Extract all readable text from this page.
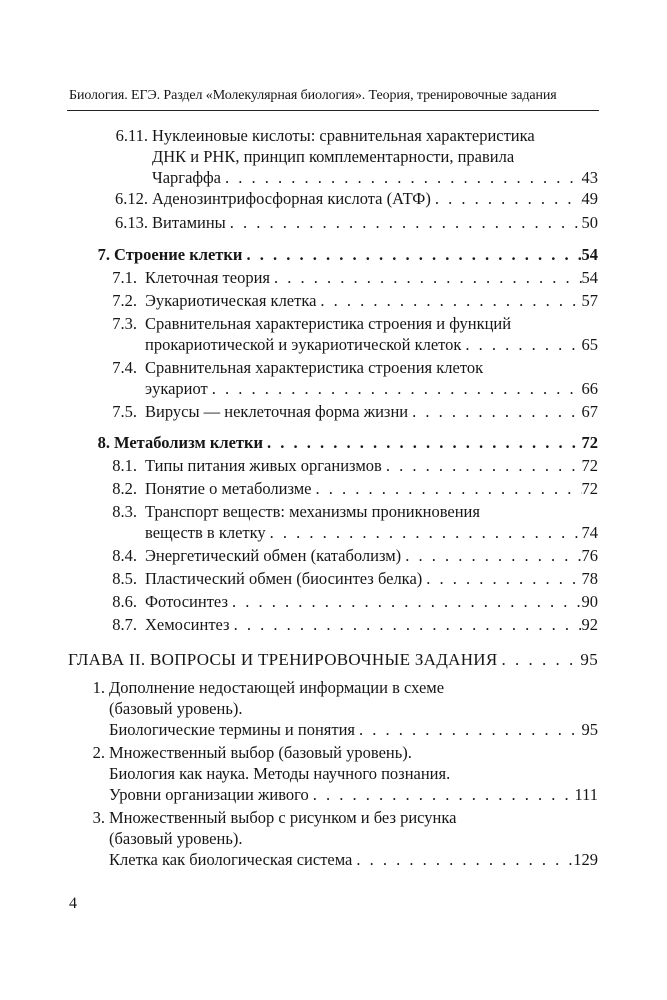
Биология. ЕГЭ. Раздел «Молекулярная биология». Теория, тренировочные задания
6.11. Нуклеиновые кислоты: сравнительная характеристика
ДНК и РНК, принцип комплементарности, правила
Чаргаффа . . .	43
6.12. Аденозинтрифосфорная кислота (АТФ) . . .	49
6.13. Витамины . . .	50
7. Строение клетки . . .	54
7.1. Клеточная теория . . .	54
7.2. Эукариотическая клетка . . .	57
7.3. Сравнительная характеристика строения и функций
прокариотической и эукариотической клеток . . .	65
7.4. Сравнительная характеристика строения клеток
эукариот . . .	66
7.5. Вирусы — неклеточная форма жизни . . .	67
8. Метаболизм клетки . . .	72
8.1. Типы питания живых организмов . . .	72
8.2. Понятие о метаболизме . . .	72
8.3. Транспорт веществ: механизмы проникновения
веществ в клетку . . .	74
8.4. Энергетический обмен (катаболизм) . . .	76
8.5. Пластический обмен (биосинтез белка) . . .	78
8.6. Фотосинтез . . .	90
8.7. Хемосинтез . . .	92
ГЛАВА II. ВОПРОСЫ И ТРЕНИРОВОЧНЫЕ ЗАДАНИЯ . . .	95
1. Дополнение недостающей информации в схеме
(базовый уровень).
Биологические термины и понятия . . .	95
2. Множественный выбор (базовый уровень).
Биология как наука. Методы научного познания.
Уровни организации живого . . .	111
3. Множественный выбор с рисунком и без рисунка
(базовый уровень).
Клетка как биологическая система . . .	129
4
